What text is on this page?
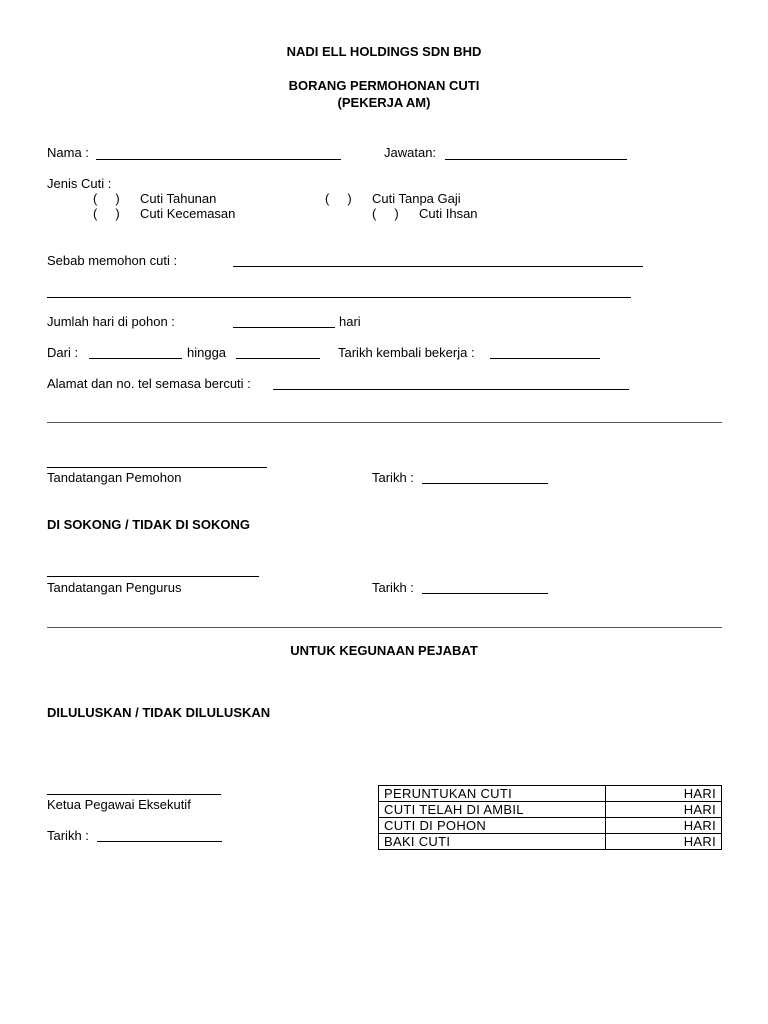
NADI ELL HOLDINGS SDN BHD
BORANG PERMOHONAN CUTI
(PEKERJA AM)
Nama :	Jawatan:
Jenis Cuti :
(     ) Cuti Tahunan	(     ) Cuti Tanpa Gaji
(     ) Cuti Kecemasan	(     ) Cuti Ihsan
Sebab memohon cuti :
Jumlah hari di pohon :	hari
Dari :	hingga	Tarikh kembali bekerja :
Alamat dan no. tel semasa bercuti :
Tandatangan Pemohon	Tarikh :
DI SOKONG / TIDAK DI SOKONG
Tandatangan Pengurus	Tarikh :
UNTUK KEGUNAAN PEJABAT
DILULUSKAN / TIDAK DILULUSKAN
Ketua Pegawai Eksekutif
Tarikh :
PERUNTUKAN CUTI	HARI
CUTI TELAH DI AMBIL	HARI
CUTI DI POHON	HARI
BAKI CUTI	HARI
